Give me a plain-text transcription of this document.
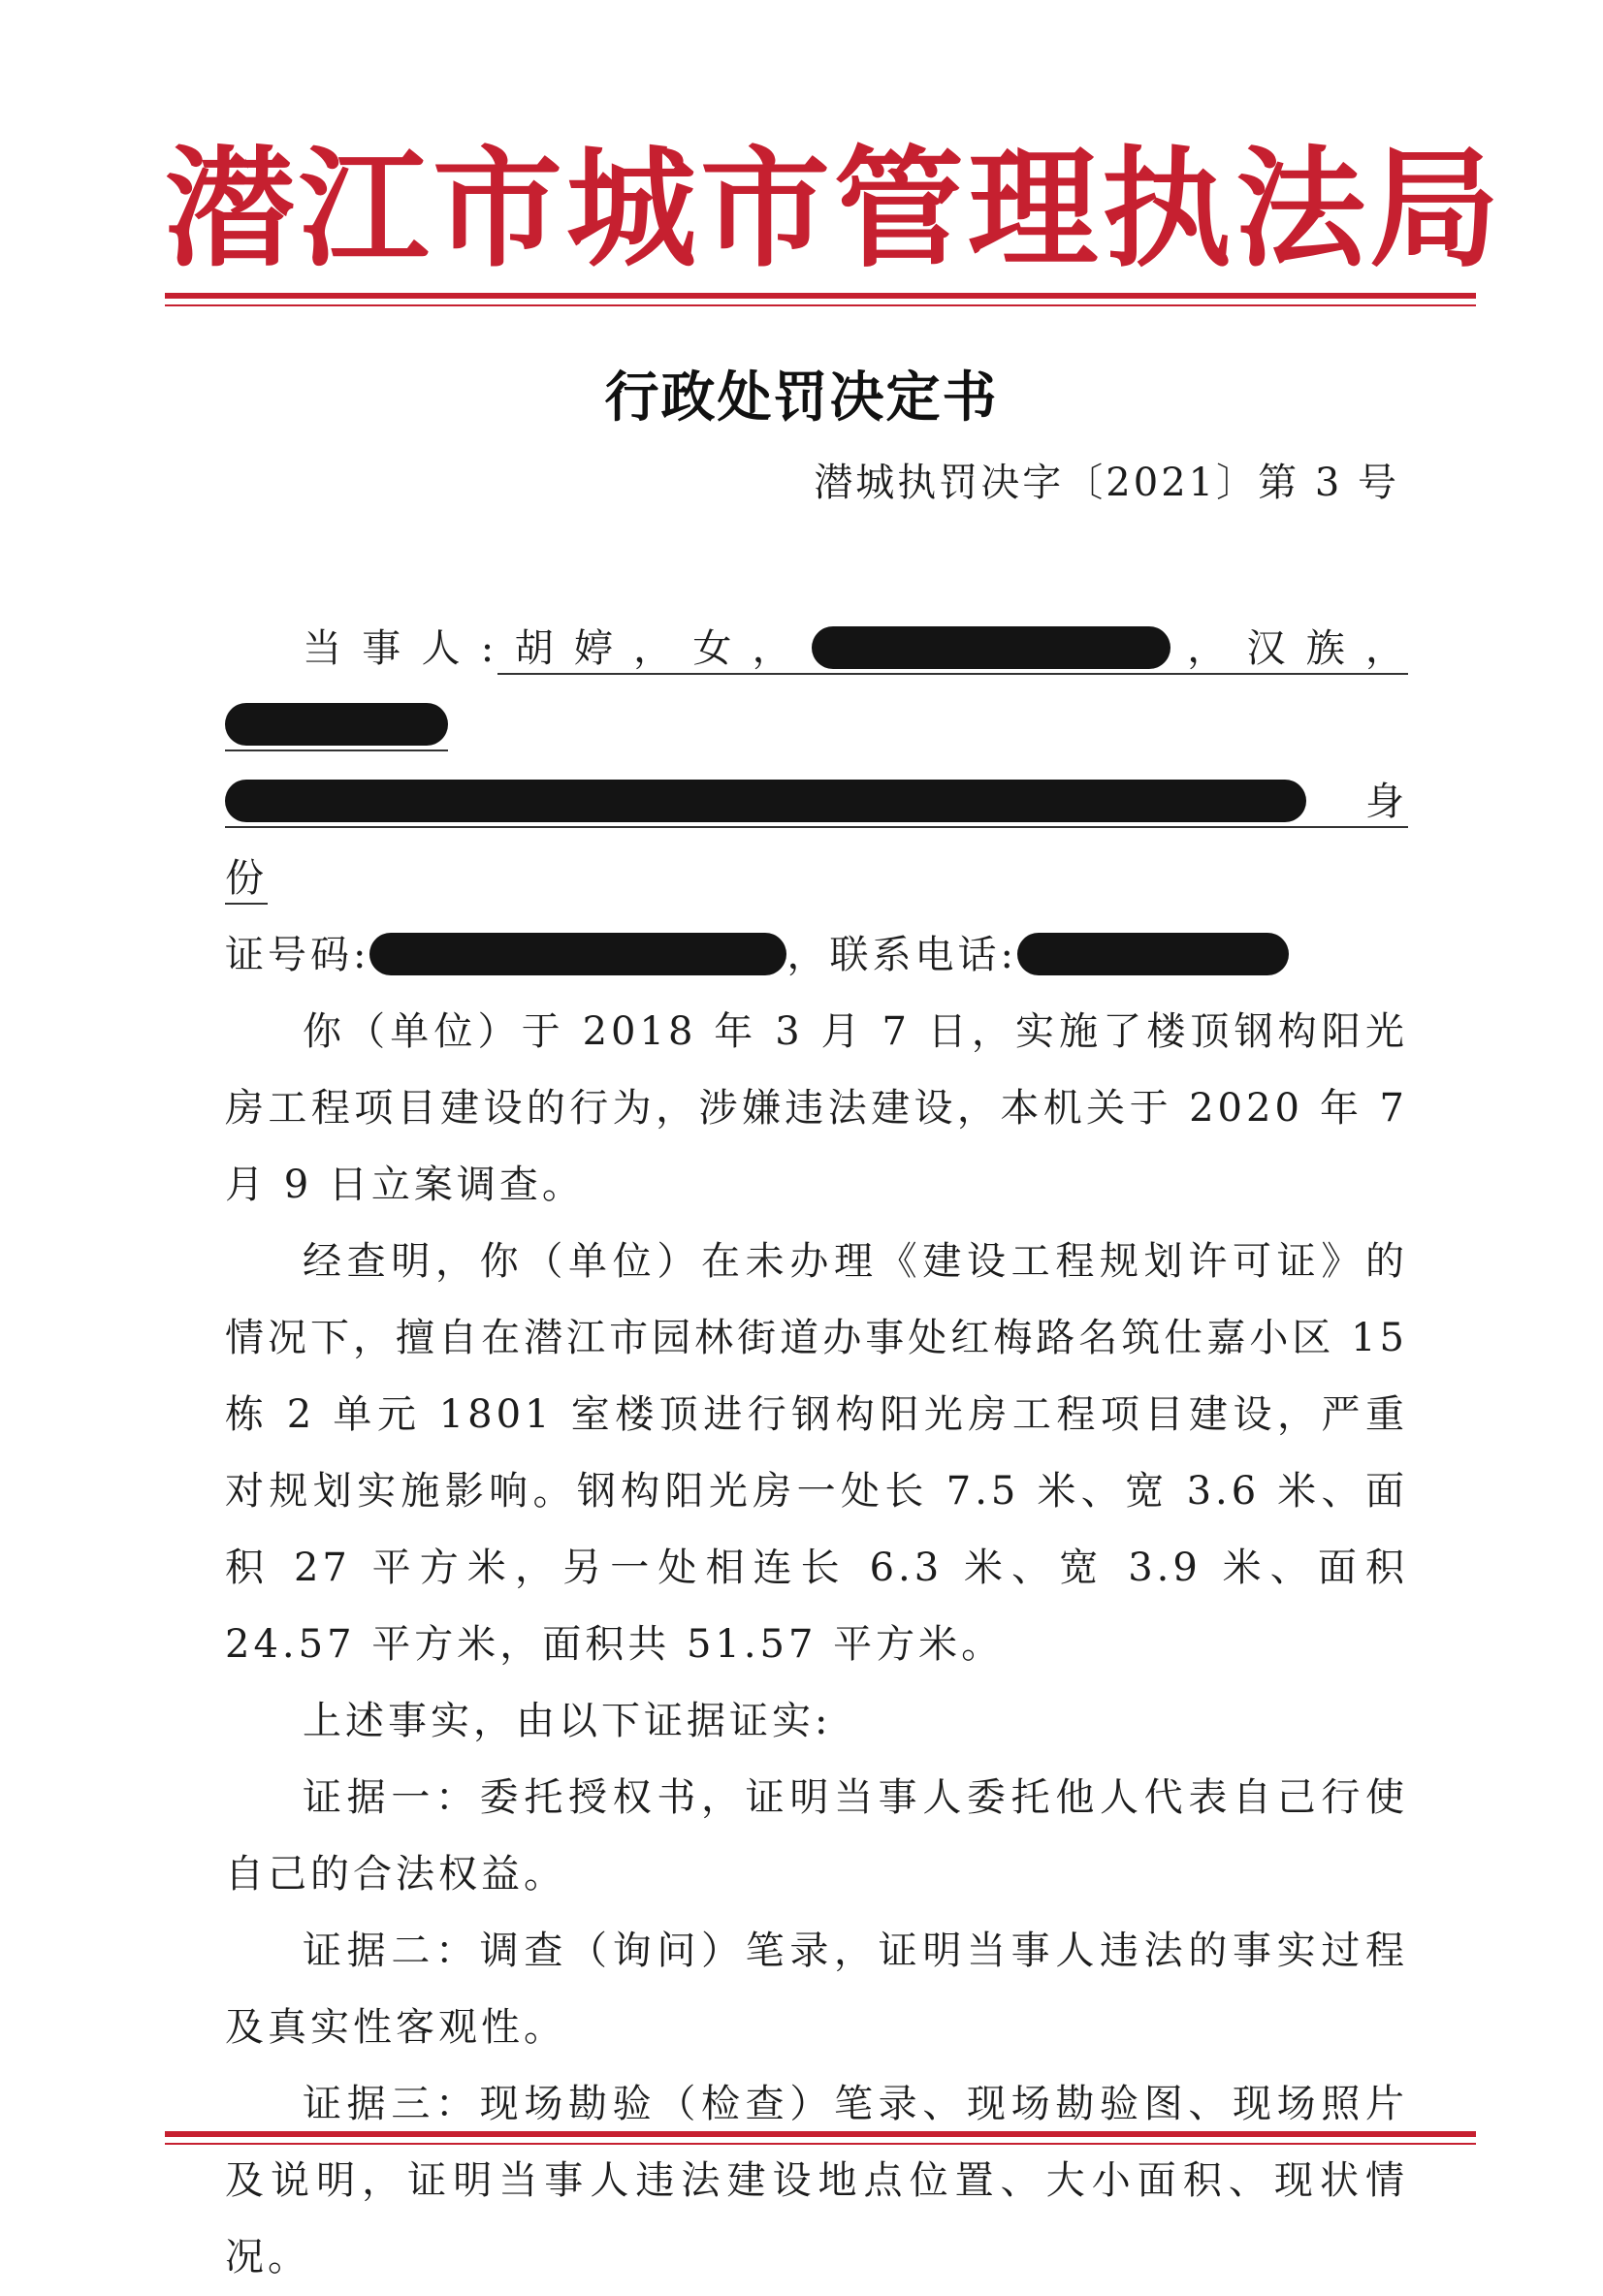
潜江市城市管理执法局
行政处罚决定书
潜城执罚决字〔2021〕第 3 号
当事人:胡婷，女，	，汉族，身份
证号码:	，联系电话:

你（单位）于 2018 年 3 月 7 日，实施了楼顶钢构阳光房工程项目建设的行为，涉嫌违法建设，本机关于 2020 年 7 月 9 日立案调查。

经查明，你（单位）在未办理《建设工程规划许可证》的情况下，擅自在潜江市园林街道办事处红梅路名筑仕嘉小区 15 栋 2 单元 1801 室楼顶进行钢构阳光房工程项目建设，严重对规划实施影响。钢构阳光房一处长 7.5 米、宽 3.6 米、面积 27 平方米，另一处相连长 6.3 米、宽 3.9 米、面积 24.57 平方米，面积共 51.57 平方米。

上述事实，由以下证据证实:

证据一：委托授权书，证明当事人委托他人代表自己行使自己的合法权益。

证据二：调查（询问）笔录，证明当事人违法的事实过程及真实性客观性。

证据三：现场勘验（检查）笔录、现场勘验图、现场照片及说明，证明当事人违法建设地点位置、大小面积、现状情况。
